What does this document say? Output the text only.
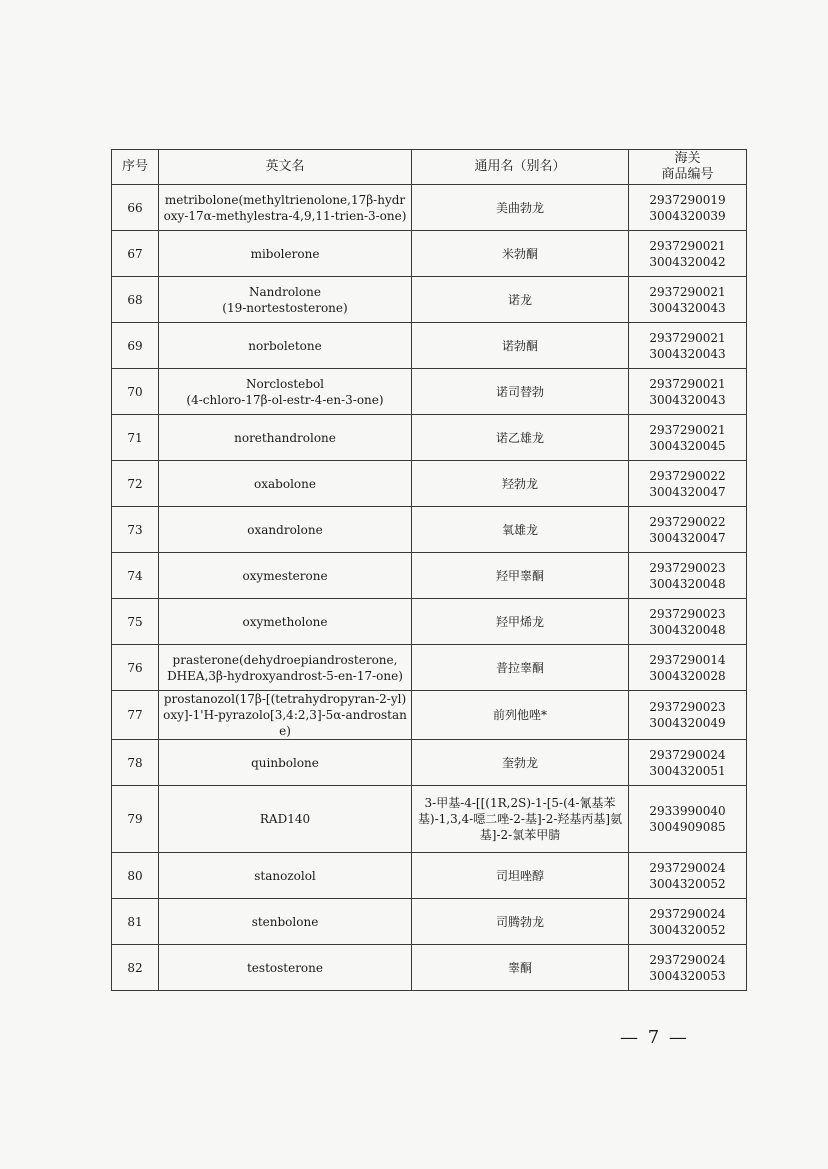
序号	英文名	通用名（别名）	海关
商品编号
66	metribolone(methyltrienolone,17β-hydroxy-17α-methylestra-4,9,11-trien-3-one)	美曲勃龙	2937290019
3004320039

67	mibolerone	米勃酮	2937290021
3004320042

68	Nandrolone
(19-nortestosterone)	诺龙	2937290021
3004320043

69	norboletone	诺勃酮	2937290021
3004320043

70	Norclostebol
(4-chloro-17β-ol-estr-4-en-3-one)	诺司替勃	2937290021
3004320043

71	norethandrolone	诺乙雄龙	2937290021
3004320045

72	oxabolone	羟勃龙	2937290022
3004320047

73	oxandrolone	氧雄龙	2937290022
3004320047

74	oxymesterone	羟甲睾酮	2937290023
3004320048

75	oxymetholone	羟甲烯龙	2937290023
3004320048

76	prasterone(dehydroepiandrosterone,
DHEA,3β-hydroxyandrost-5-en-17-one)	普拉睾酮	2937290014
3004320028

77	prostanozol(17β-[(tetrahydropyran-2-yl)oxy]-1'H-pyrazolo[3,4:2,3]-5α-androstane)	前列他唑*	2937290023
3004320049

78	quinbolone	奎勃龙	2937290024
3004320051

79	RAD140	3-甲基-4-[[(1R,2S)-1-[5-(4-氰基苯基)-1,3,4-噁二唑-2-基]-2-羟基丙基]氨基]-2-氯苯甲腈	2933990040
3004909085

80	stanozolol	司坦唑醇	2937290024
3004320052

81	stenbolone	司腾勃龙	2937290024
3004320052

82	testosterone	睾酮	2937290024
3004320053
— 7 —
